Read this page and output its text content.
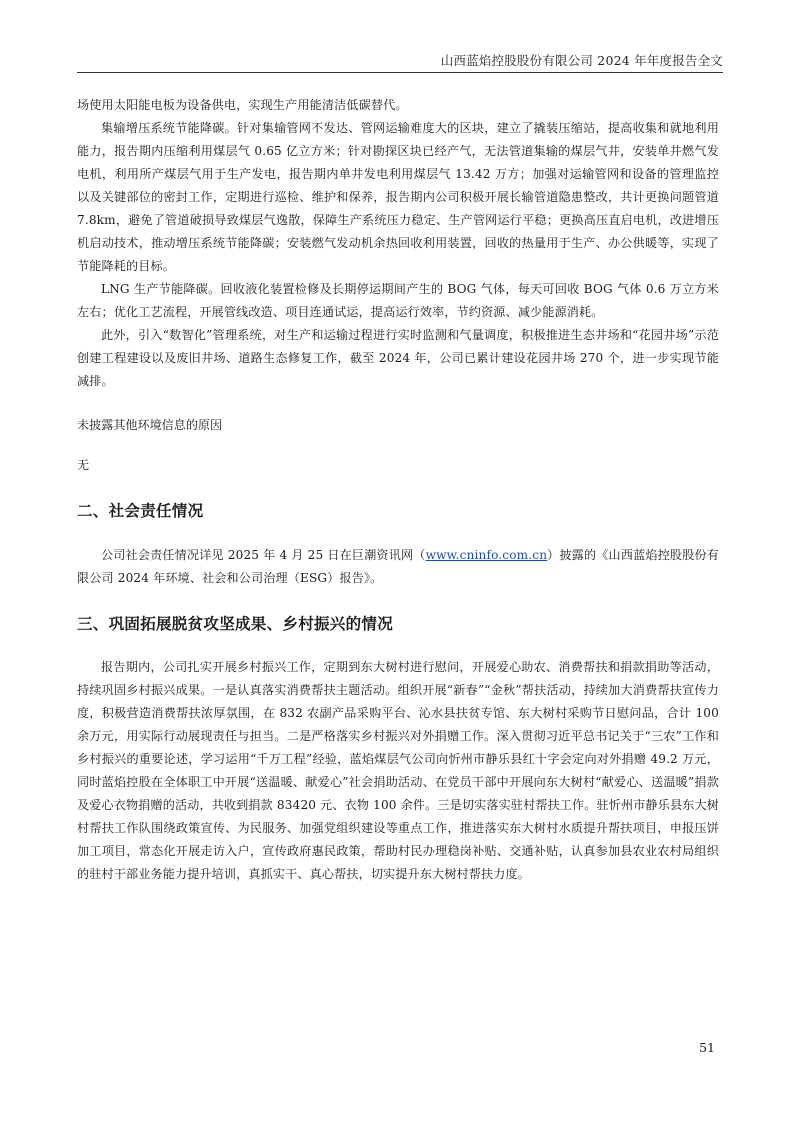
山西蓝焰控股股份有限公司 2024 年年度报告全文

场使用太阳能电板为设备供电，实现生产用能清洁低碳替代。

集输增压系统节能降碳。针对集输管网不发达、管网运输难度大的区块，建立了撬装压缩站，提高收集和就地利用能力，报告期内压缩利用煤层气 0.65 亿立方米；针对勘探区块已经产气，无法管道集输的煤层气井，安装单井燃气发电机，利用所产煤层气用于生产发电，报告期内单井发电利用煤层气 13.42 万方；加强对运输管网和设备的管理监控以及关键部位的密封工作，定期进行巡检、维护和保养，报告期内公司积极开展长输管道隐患整改，共计更换问题管道 7.8km，避免了管道破损导致煤层气逸散，保障生产系统压力稳定、生产管网运行平稳；更换高压直启电机，改进增压机启动技术，推动增压系统节能降碳；安装燃气发动机余热回收利用装置，回收的热量用于生产、办公供暖等，实现了节能降耗的目标。

LNG 生产节能降碳。回收液化装置检修及长期停运期间产生的 BOG 气体，每天可回收 BOG 气体 0.6 万立方米左右；优化工艺流程，开展管线改造、项目连通试运，提高运行效率，节约资源、减少能源消耗。

此外，引入“数智化”管理系统，对生产和运输过程进行实时监测和气量调度，积极推进生态井场和“花园井场”示范创建工程建设以及废旧井场、道路生态修复工作，截至 2024 年，公司已累计建设花园井场 270 个，进一步实现节能减排。

未披露其他环境信息的原因

无

二、社会责任情况

公司社会责任情况详见 2025 年 4 月 25 日在巨潮资讯网（www.cninfo.com.cn）披露的《山西蓝焰控股股份有限公司 2024 年环境、社会和公司治理（ESG）报告》。

三、巩固拓展脱贫攻坚成果、乡村振兴的情况

报告期内，公司扎实开展乡村振兴工作，定期到东大树村进行慰问，开展爱心助农、消费帮扶和捐款捐助等活动，持续巩固乡村振兴成果。一是认真落实消费帮扶主题活动。组织开展“新春”“金秋”帮扶活动，持续加大消费帮扶宣传力度，积极营造消费帮扶浓厚氛围，在 832 农副产品采购平台、沁水县扶贫专馆、东大树村采购节日慰问品，合计 100 余万元，用实际行动展现责任与担当。二是严格落实乡村振兴对外捐赠工作。深入贯彻习近平总书记关于“三农”工作和乡村振兴的重要论述，学习运用“千万工程”经验，蓝焰煤层气公司向忻州市静乐县红十字会定向对外捐赠 49.2 万元，同时蓝焰控股在全体职工中开展“送温暖、献爱心”社会捐助活动、在党员干部中开展向东大树村“献爱心、送温暖”捐款及爱心衣物捐赠的活动，共收到捐款 83420 元、衣物 100 余件。三是切实落实驻村帮扶工作。驻忻州市静乐县东大树村帮扶工作队围绕政策宣传、为民服务、加强党组织建设等重点工作，推进落实东大树村水质提升帮扶项目，申报压饼加工项目，常态化开展走访入户，宣传政府惠民政策，帮助村民办理稳岗补贴、交通补贴，认真参加县农业农村局组织的驻村干部业务能力提升培训，真抓实干、真心帮扶，切实提升东大树村帮扶力度。

51
